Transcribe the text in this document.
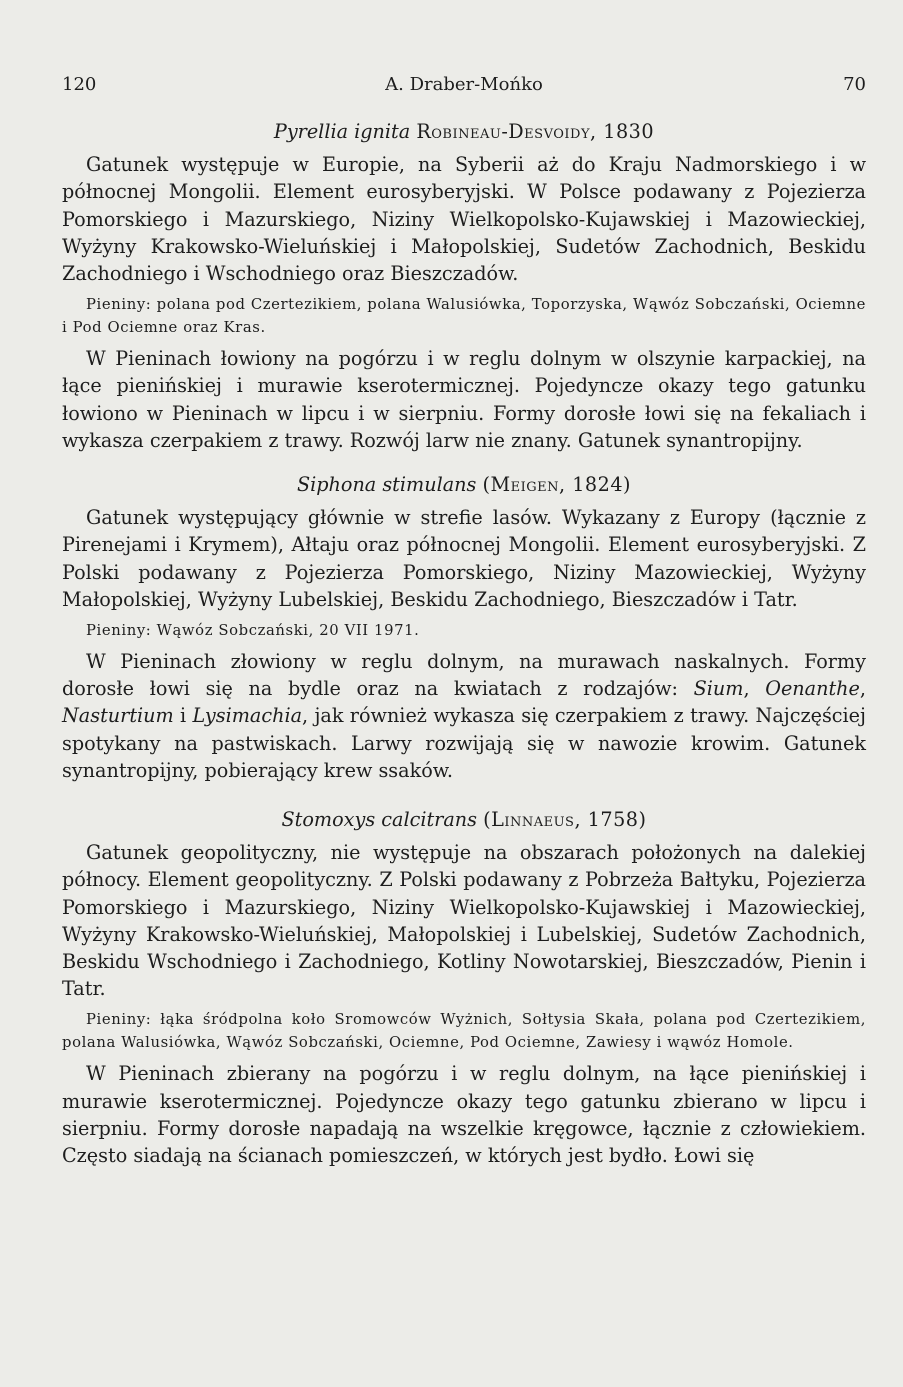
120	A. Draber-Mońko	70

Pyrellia ignita Robineau-Desvoidy, 1830

Gatunek występuje w Europie, na Syberii aż do Kraju Nadmorskiego i w północnej Mongolii. Element eurosyberyjski. W Polsce podawany z Pojezierza Pomorskiego i Mazurskiego, Niziny Wielkopolsko-Kujawskiej i Mazowieckiej, Wyżyny Krakowsko-Wieluńskiej i Małopolskiej, Sudetów Zachodnich, Beskidu Zachodniego i Wschodniego oraz Bieszczadów.

Pieniny: polana pod Czertezikiem, polana Walusiówka, Toporzyska, Wąwóz Sobczański, Ociemne i Pod Ociemne oraz Kras.

W Pieninach łowiony na pogórzu i w reglu dolnym w olszynie karpackiej, na łące pienińskiej i murawie kserotermicznej. Pojedyncze okazy tego gatunku łowiono w Pieninach w lipcu i w sierpniu. Formy dorosłe łowi się na fekaliach i wykasza czerpakiem z trawy. Rozwój larw nie znany. Gatunek synantropijny.

Siphona stimulans (Meigen, 1824)

Gatunek występujący głównie w strefie lasów. Wykazany z Europy (łącznie z Pirenejami i Krymem), Ałtaju oraz północnej Mongolii. Element eurosyberyjski. Z Polski podawany z Pojezierza Pomorskiego, Niziny Mazowieckiej, Wyżyny Małopolskiej, Wyżyny Lubelskiej, Beskidu Zachodniego, Bieszczadów i Tatr.

Pieniny: Wąwóz Sobczański, 20 VII 1971.

W Pieninach złowiony w reglu dolnym, na murawach naskalnych. Formy dorosłe łowi się na bydle oraz na kwiatach z rodzajów: Sium, Oenanthe, Nasturtium i Lysimachia, jak również wykasza się czerpakiem z trawy. Najczęściej spotykany na pastwiskach. Larwy rozwijają się w nawozie krowim. Gatunek synantropijny, pobierający krew ssaków.

Stomoxys calcitrans (Linnaeus, 1758)

Gatunek geopolityczny, nie występuje na obszarach położonych na dalekiej północy. Element geopolityczny. Z Polski podawany z Pobrzeża Bałtyku, Pojezierza Pomorskiego i Mazurskiego, Niziny Wielkopolsko-Kujawskiej i Mazowieckiej, Wyżyny Krakowsko-Wieluńskiej, Małopolskiej i Lubelskiej, Sudetów Zachodnich, Beskidu Wschodniego i Zachodniego, Kotliny Nowotarskiej, Bieszczadów, Pienin i Tatr.

Pieniny: łąka śródpolna koło Sromowców Wyżnich, Sołtysia Skała, polana pod Czertezikiem, polana Walusiówka, Wąwóz Sobczański, Ociemne, Pod Ociemne, Zawiesy i wąwóz Homole.

W Pieninach zbierany na pogórzu i w reglu dolnym, na łące pienińskiej i murawie kserotermicznej. Pojedyncze okazy tego gatunku zbierano w lipcu i sierpniu. Formy dorosłe napadają na wszelkie kręgowce, łącznie z człowiekiem. Często siadają na ścianach pomieszczeń, w których jest bydło. Łowi się
